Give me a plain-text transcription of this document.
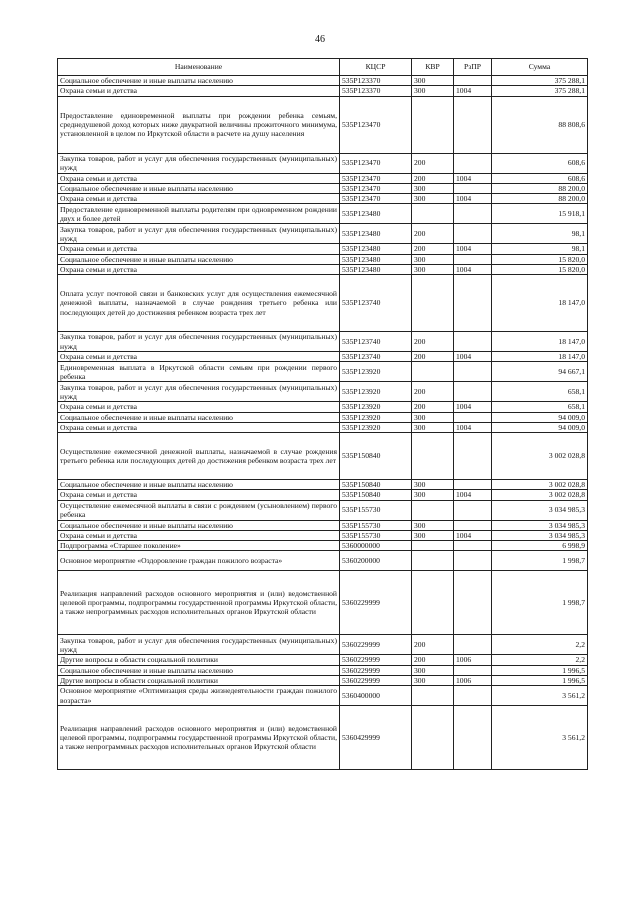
46
Наименование	КЦСР	КВР	РзПР	Сумма
Социальное обеспечение и иные выплаты населению	535P123370	300		375 288,1
Охрана семьи и детства	535P123370	300	1004	375 288,1
Предоставление единовременной выплаты при рождении ребенка семьям, среднедушевой доход которых ниже двукратной величины прожиточного минимума, установленной в целом по Иркутской области в расчете на душу населения	535P123470			88 808,6
Закупка товаров, работ и услуг для обеспечения государственных (муниципальных) нужд	535P123470	200		608,6
Охрана семьи и детства	535P123470	200	1004	608,6
Социальное обеспечение и иные выплаты населению	535P123470	300		88 200,0
Охрана семьи и детства	535P123470	300	1004	88 200,0
Предоставление единовременной выплаты родителям при одновременном рождении двух и более детей	535P123480			15 918,1
Закупка товаров, работ и услуг для обеспечения государственных (муниципальных) нужд	535P123480	200		98,1
Охрана семьи и детства	535P123480	200	1004	98,1
Социальное обеспечение и иные выплаты населению	535P123480	300		15 820,0
Охрана семьи и детства	535P123480	300	1004	15 820,0
Оплата услуг почтовой связи и банковских услуг для осуществления ежемесячной денежной выплаты, назначаемой в случае рождения третьего ребенка или последующих детей до достижения ребенком возраста трех лет	535P123740			18 147,0
Закупка товаров, работ и услуг для обеспечения государственных (муниципальных) нужд	535P123740	200		18 147,0
Охрана семьи и детства	535P123740	200	1004	18 147,0
Единовременная выплата в Иркутской области семьям при рождении первого ребенка	535P123920			94 667,1
Закупка товаров, работ и услуг для обеспечения государственных (муниципальных) нужд	535P123920	200		658,1
Охрана семьи и детства	535P123920	200	1004	658,1
Социальное обеспечение и иные выплаты населению	535P123920	300		94 009,0
Охрана семьи и детства	535P123920	300	1004	94 009,0
Осуществление ежемесячной денежной выплаты, назначаемой в случае рождения третьего ребенка или последующих детей до достижения ребенком возраста трех лет	535P150840			3 002 028,8
Социальное обеспечение и иные выплаты населению	535P150840	300		3 002 028,8
Охрана семьи и детства	535P150840	300	1004	3 002 028,8
Осуществление ежемесячной выплаты в связи с рождением (усыновлением) первого ребенка	535P155730			3 034 985,3
Социальное обеспечение и иные выплаты населению	535P155730	300		3 034 985,3
Охрана семьи и детства	535P155730	300	1004	3 034 985,3
Подпрограмма «Старшее поколение»	5360000000			6 998,9
Основное мероприятие «Оздоровление граждан пожилого возраста»	5360200000			1 998,7
Реализация направлений расходов основного мероприятия и (или) ведомственной целевой программы, подпрограммы государственной программы Иркутской области, а также непрограммных расходов исполнительных органов Иркутской области	5360229999			1 998,7
Закупка товаров, работ и услуг для обеспечения государственных (муниципальных) нужд	5360229999	200		2,2
Другие вопросы в области социальной политики	5360229999	200	1006	2,2
Социальное обеспечение и иные выплаты населению	5360229999	300		1 996,5
Другие вопросы в области социальной политики	5360229999	300	1006	1 996,5
Основное мероприятие «Оптимизация среды жизнедеятельности граждан пожилого возраста»	5360400000			3 561,2
Реализация направлений расходов основного мероприятия и (или) ведомственной целевой программы, подпрограммы государственной программы Иркутской области, а также непрограммных расходов исполнительных органов Иркутской области	5360429999			3 561,2
